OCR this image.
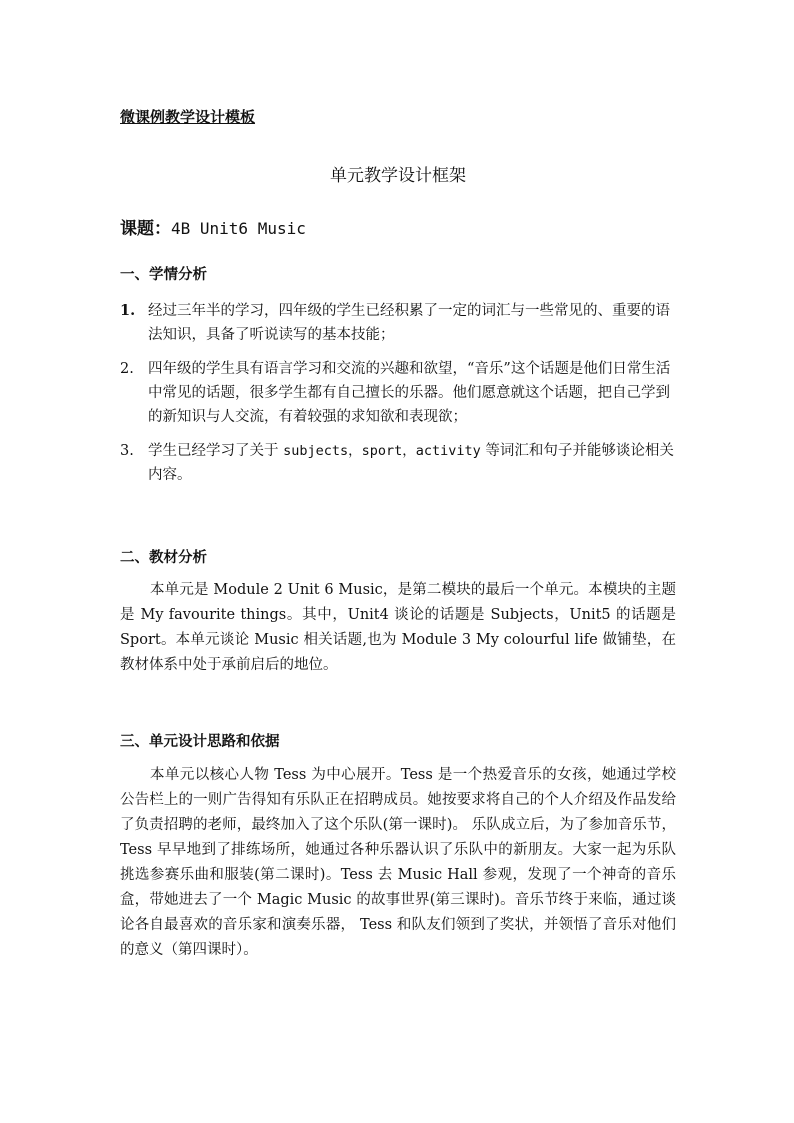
微课例教学设计模板
单元教学设计框架
课题：4B Unit6 Music
一、学情分析
1. 经过三年半的学习，四年级的学生已经积累了一定的词汇与一些常见的、重要的语法知识，具备了听说读写的基本技能；
2. 四年级的学生具有语言学习和交流的兴趣和欲望，“音乐”这个话题是他们日常生活中常见的话题，很多学生都有自己擅长的乐器。他们愿意就这个话题，把自己学到的新知识与人交流，有着较强的求知欲和表现欲；
3. 学生已经学习了关于 subjects，sport，activity 等词汇和句子并能够谈论相关内容。
二、教材分析

本单元是 Module 2 Unit 6 Music，是第二模块的最后一个单元。本模块的主题是 My favourite things。其中，Unit4 谈论的话题是 Subjects，Unit5 的话题是 Sport。本单元谈论 Music 相关话题,也为 Module 3 My colourful life 做铺垫，在教材体系中处于承前启后的地位。

三、单元设计思路和依据

本单元以核心人物 Tess 为中心展开。Tess 是一个热爱音乐的女孩，她通过学校公告栏上的一则广告得知有乐队正在招聘成员。她按要求将自己的个人介绍及作品发给了负责招聘的老师，最终加入了这个乐队(第一课时)。 乐队成立后，为了参加音乐节，Tess 早早地到了排练场所，她通过各种乐器认识了乐队中的新朋友。大家一起为乐队挑选参赛乐曲和服装(第二课时)。Tess 去 Music Hall 参观，发现了一个神奇的音乐盒，带她进去了一个 Magic Music 的故事世界(第三课时)。音乐节终于来临，通过谈论各自最喜欢的音乐家和演奏乐器， Tess 和队友们领到了奖状，并领悟了音乐对他们的意义（第四课时）。
